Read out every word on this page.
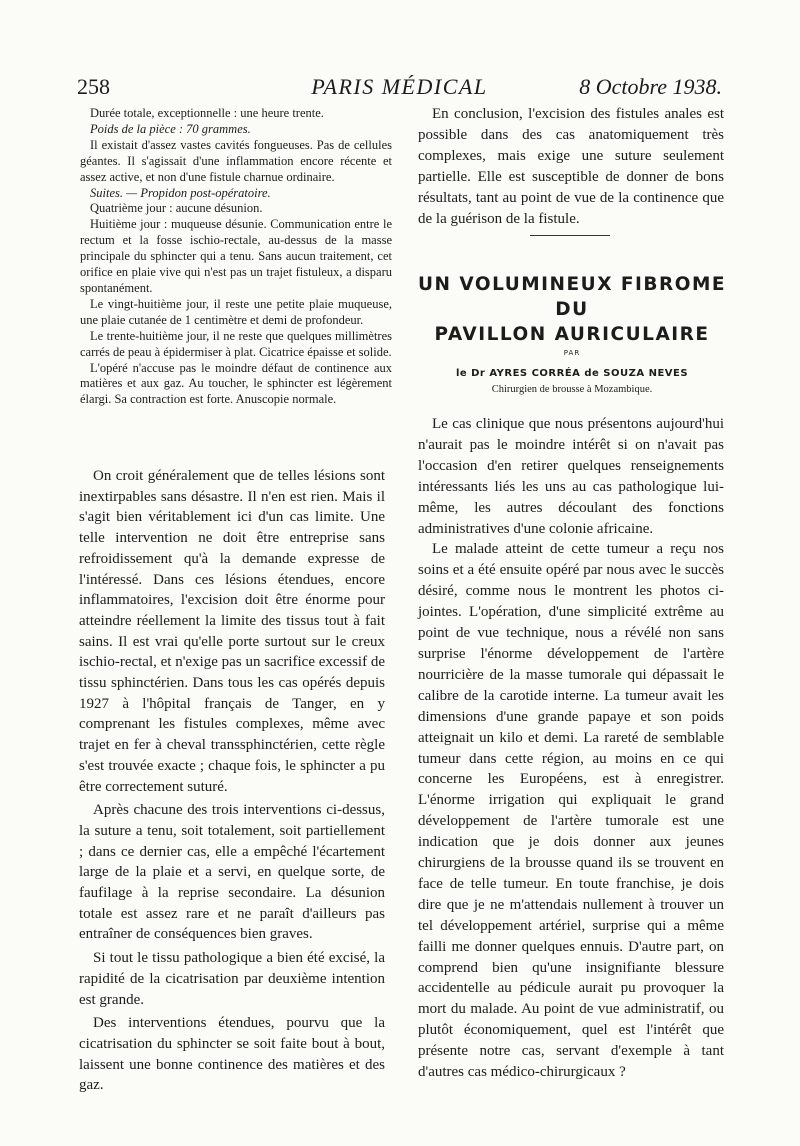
258	PARIS MÉDICAL	8 Octobre 1938.

Durée totale, exceptionnelle : une heure trente.

Poids de la pièce : 70 grammes.

Il existait d'assez vastes cavités fongueuses. Pas de cellules géantes. Il s'agissait d'une inflammation encore récente et assez active, et non d'une fistule charnue ordinaire.

Suites. — Propidon post-opératoire.

Quatrième jour : aucune désunion.

Huitième jour : muqueuse désunie. Communication entre le rectum et la fosse ischio-rectale, au-dessus de la masse principale du sphincter qui a tenu. Sans aucun traitement, cet orifice en plaie vive qui n'est pas un trajet fistuleux, a disparu spontanément.

Le vingt-huitième jour, il reste une petite plaie muqueuse, une plaie cutanée de 1 centimètre et demi de profondeur.

Le trente-huitième jour, il ne reste que quelques millimètres carrés de peau à épidermiser à plat. Cicatrice épaisse et solide.

L'opéré n'accuse pas le moindre défaut de continence aux matières et aux gaz. Au toucher, le sphincter est légèrement élargi. Sa contraction est forte. Anuscopie normale.

On croit généralement que de telles lésions sont inextirpables sans désastre. Il n'en est rien. Mais il s'agit bien véritablement ici d'un cas limite. Une telle intervention ne doit être entreprise sans refroidissement qu'à la demande expresse de l'intéressé. Dans ces lésions étendues, encore inflammatoires, l'excision doit être énorme pour atteindre réellement la limite des tissus tout à fait sains. Il est vrai qu'elle porte surtout sur le creux ischio-rectal, et n'exige pas un sacrifice excessif de tissu sphinctérien. Dans tous les cas opérés depuis 1927 à l'hôpital français de Tanger, en y comprenant les fistules complexes, même avec trajet en fer à cheval transsphinctérien, cette règle s'est trouvée exacte ; chaque fois, le sphincter a pu être correctement suturé.

Après chacune des trois interventions ci-dessus, la suture a tenu, soit totalement, soit partiellement ; dans ce dernier cas, elle a empêché l'écartement large de la plaie et a servi, en quelque sorte, de faufilage à la reprise secondaire. La désunion totale est assez rare et ne paraît d'ailleurs pas entraîner de conséquences bien graves.

Si tout le tissu pathologique a bien été excisé, la rapidité de la cicatrisation par deuxième intention est grande.

Des interventions étendues, pourvu que la cicatrisation du sphincter se soit faite bout à bout, laissent une bonne continence des matières et des gaz.

En conclusion, l'excision des fistules anales est possible dans des cas anatomiquement très complexes, mais exige une suture seulement partielle. Elle est susceptible de donner de bons résultats, tant au point de vue de la continence que de la guérison de la fistule.

UN VOLUMINEUX FIBROME
DU
PAVILLON AURICULAIRE
PAR
le Dr AYRES CORRÉA de SOUZA NEVES
Chirurgien de brousse à Mozambique.

Le cas clinique que nous présentons aujourd'hui n'aurait pas le moindre intérêt si on n'avait pas l'occasion d'en retirer quelques renseignements intéressants liés les uns au cas pathologique lui-même, les autres découlant des fonctions administratives d'une colonie africaine.

Le malade atteint de cette tumeur a reçu nos soins et a été ensuite opéré par nous avec le succès désiré, comme nous le montrent les photos ci-jointes. L'opération, d'une simplicité extrême au point de vue technique, nous a révélé non sans surprise l'énorme développement de l'artère nourricière de la masse tumorale qui dépassait le calibre de la carotide interne. La tumeur avait les dimensions d'une grande papaye et son poids atteignait un kilo et demi. La rareté de semblable tumeur dans cette région, au moins en ce qui concerne les Européens, est à enregistrer. L'énorme irrigation qui expliquait le grand développement de l'artère tumorale est une indication que je dois donner aux jeunes chirurgiens de la brousse quand ils se trouvent en face de telle tumeur. En toute franchise, je dois dire que je ne m'attendais nullement à trouver un tel développement artériel, surprise qui a même failli me donner quelques ennuis. D'autre part, on comprend bien qu'une insignifiante blessure accidentelle au pédicule aurait pu provoquer la mort du malade. Au point de vue administratif, ou plutôt économiquement, quel est l'intérêt que présente notre cas, servant d'exemple à tant d'autres cas médico-chirurgicaux ?
